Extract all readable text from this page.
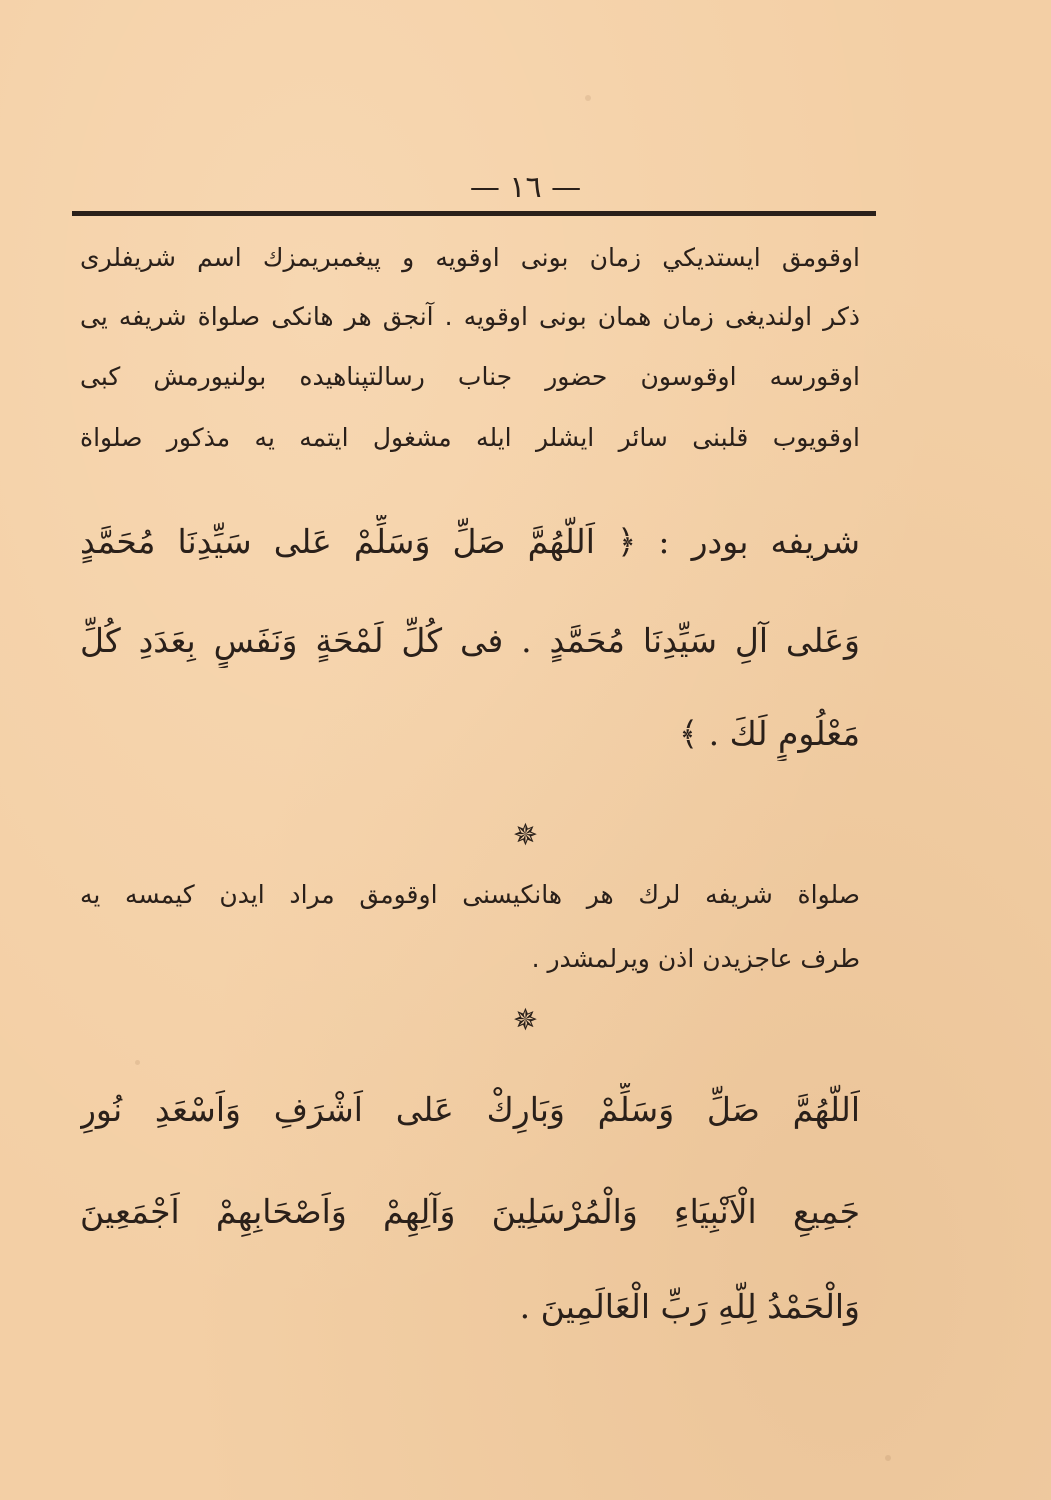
— ١٦ —
اوقومق ايستديكي زمان بونى اوقويه و پيغمبريمزك اسم شريفلرى
ذكر اولنديغى زمان همان بونى اوقويه . آنجق هر هانكى صلواة شريفه يى
اوقورسه اوقوسون حضور جناب رسالتپناهيده بولنيورمش كبى
اوقويوب قلبنى سائر ايشلر ايله مشغول ايتمه يه مذكور صلواة
شريفه بودر : ﴿ اَللّهُمَّ صَلِّ وَسَلِّمْ عَلى سَيِّدِنَا مُحَمَّدٍ
وَعَلى آلِ سَيِّدِنَا مُحَمَّدٍ . فى كُلِّ لَمْحَةٍ وَنَفَسٍ بِعَدَدِ كُلِّ
مَعْلُومٍ لَكَ . ﴾
✵
صلواة شريفه لرك هر هانكيسنى اوقومق مراد ايدن كيمسه يه
طرف عاجزيدن اذن ويرلمشدر .
✵
اَللّهُمَّ صَلِّ وَسَلِّمْ وَبَارِكْ عَلى اَشْرَفِ وَاَسْعَدِ نُورِ
جَمِيعِ الْاَنْبِيَاءِ وَالْمُرْسَلِينَ وَآلِهِمْ وَاَصْحَابِهِمْ اَجْمَعِينَ
وَالْحَمْدُ لِلّهِ رَبِّ الْعَالَمِينَ .
